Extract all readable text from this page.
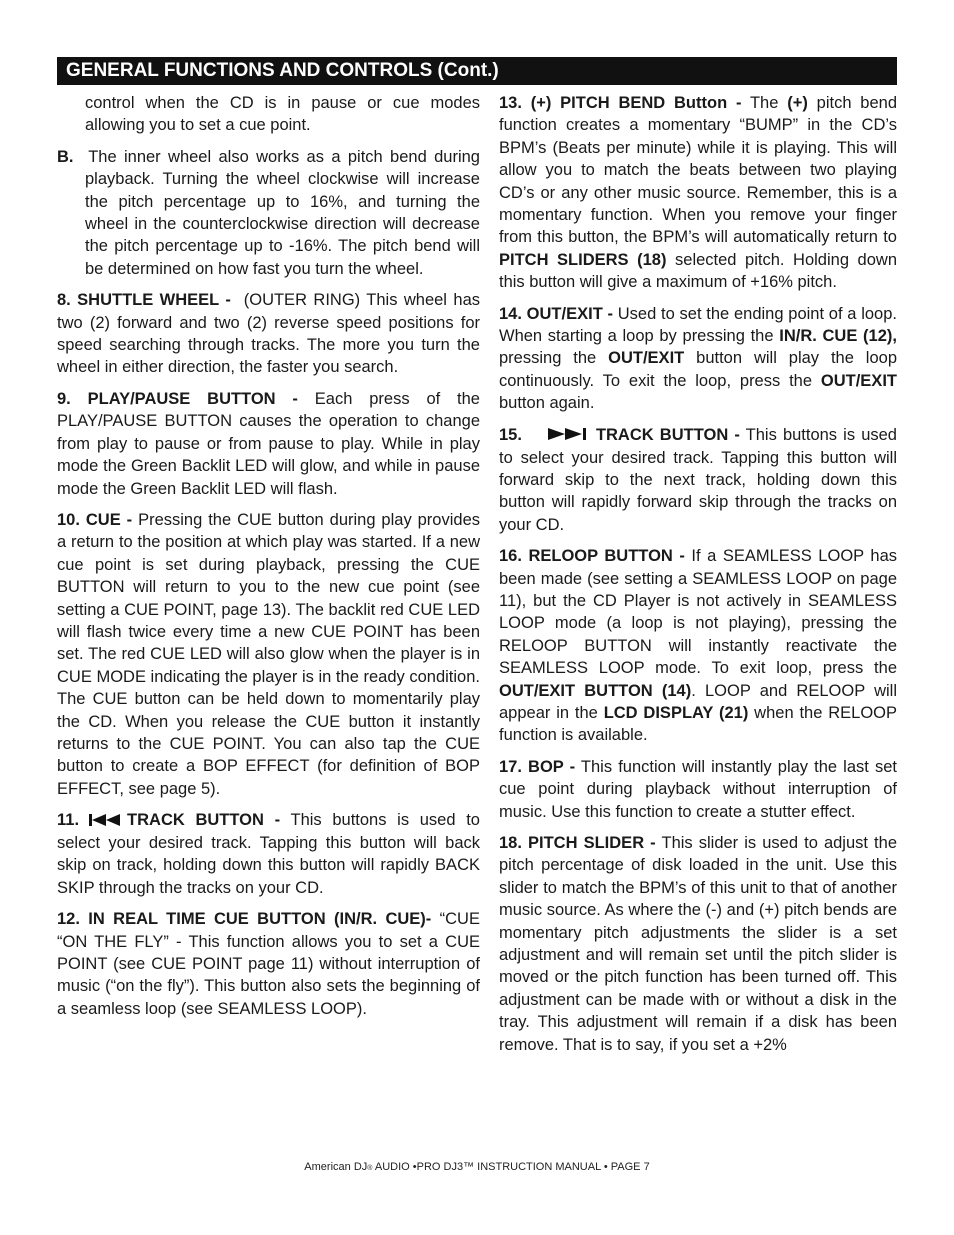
GENERAL FUNCTIONS AND CONTROLS (Cont.)

control when the CD is in pause or cue modes allowing you to set a cue point.

B. The inner wheel also works as a pitch bend during playback. Turning the wheel clockwise will increase the pitch percentage up to 16%, and turning the wheel in the counterclockwise direction will decrease the pitch percentage up to -16%. The pitch bend will be determined on how fast you turn the wheel.

8. SHUTTLE WHEEL - (OUTER RING) This wheel has two (2) forward and two (2) reverse speed positions for speed searching through tracks. The more you turn the wheel in either direction, the faster you search.

9. PLAY/PAUSE BUTTON - Each press of the PLAY/PAUSE BUTTON causes the operation to change from play to pause or from pause to play. While in play mode the Green Backlit LED will glow, and while in pause mode the Green Backlit LED will flash.

10. CUE - Pressing the CUE button during play provides a return to the position at which play was started. If a new cue point is set during playback, pressing the CUE BUTTON will return to you to the new cue point (see setting a CUE POINT, page 13). The backlit red CUE LED will flash twice every time a new CUE POINT has been set. The red CUE LED will also glow when the player is in CUE MODE indicating the player is in the ready condition. The CUE button can be held down to momentarily play the CD. When you release the CUE button it instantly returns to the CUE POINT. You can also tap the CUE button to create a BOP EFFECT (for definition of BOP EFFECT, see page 5).

11.	TRACK BUTTON - This buttons is used to select your desired track. Tapping this button will back skip on track, holding down this button will rapidly BACK SKIP through the tracks on your CD.

12. IN REAL TIME CUE BUTTON (IN/R. CUE)- “CUE “ON THE FLY” - This function allows you to set a CUE POINT (see CUE POINT page 11) without interruption of music (“on the fly”). This button also sets the beginning of a seamless loop (see SEAMLESS LOOP).

13. (+) PITCH BEND Button - The (+) pitch bend function creates a momentary “BUMP” in the CD’s BPM’s (Beats per minute) while it is playing. This will allow you to match the beats between two playing CD’s or any other music source. Remember, this is a momentary function. When you remove your finger from this button, the BPM’s will automatically return to PITCH SLIDERS (18) selected pitch. Holding down this button will give a maximum of +16% pitch.

14. OUT/EXIT - Used to set the ending point of a loop. When starting a loop by pressing the IN/R. CUE (12), pressing the OUT/EXIT button will play the loop continuously. To exit the loop, press the OUT/EXIT button again.

15.	TRACK BUTTON - This buttons is used to select your desired track. Tapping this button will forward skip to the next track, holding down this button will rapidly forward skip through the tracks on your CD.

16. RELOOP BUTTON - If a SEAMLESS LOOP has been made (see setting a SEAMLESS LOOP on page 11), but the CD Player is not actively in SEAMLESS LOOP mode (a loop is not playing), pressing the RELOOP BUTTON will instantly reactivate the SEAMLESS LOOP mode. To exit loop, press the OUT/EXIT BUTTON (14). LOOP and RELOOP will appear in the LCD DISPLAY (21) when the RELOOP function is available.

17. BOP - This function will instantly play the last set cue point during playback without interruption of music. Use this function to create a stutter effect.

18. PITCH SLIDER - This slider is used to adjust the pitch percentage of disk loaded in the unit. Use this slider to match the BPM’s of this unit to that of another music source. As where the (-) and (+) pitch bends are momentary pitch adjustments the slider is a set adjustment and will remain set until the pitch slider is moved or the pitch function has been turned off. This adjustment can be made with or without a disk in the tray. This adjustment will remain if a disk has been remove. That is to say, if you set a +2%

American DJ® AUDIO •PRO DJ3™ INSTRUCTION MANUAL • PAGE 7
